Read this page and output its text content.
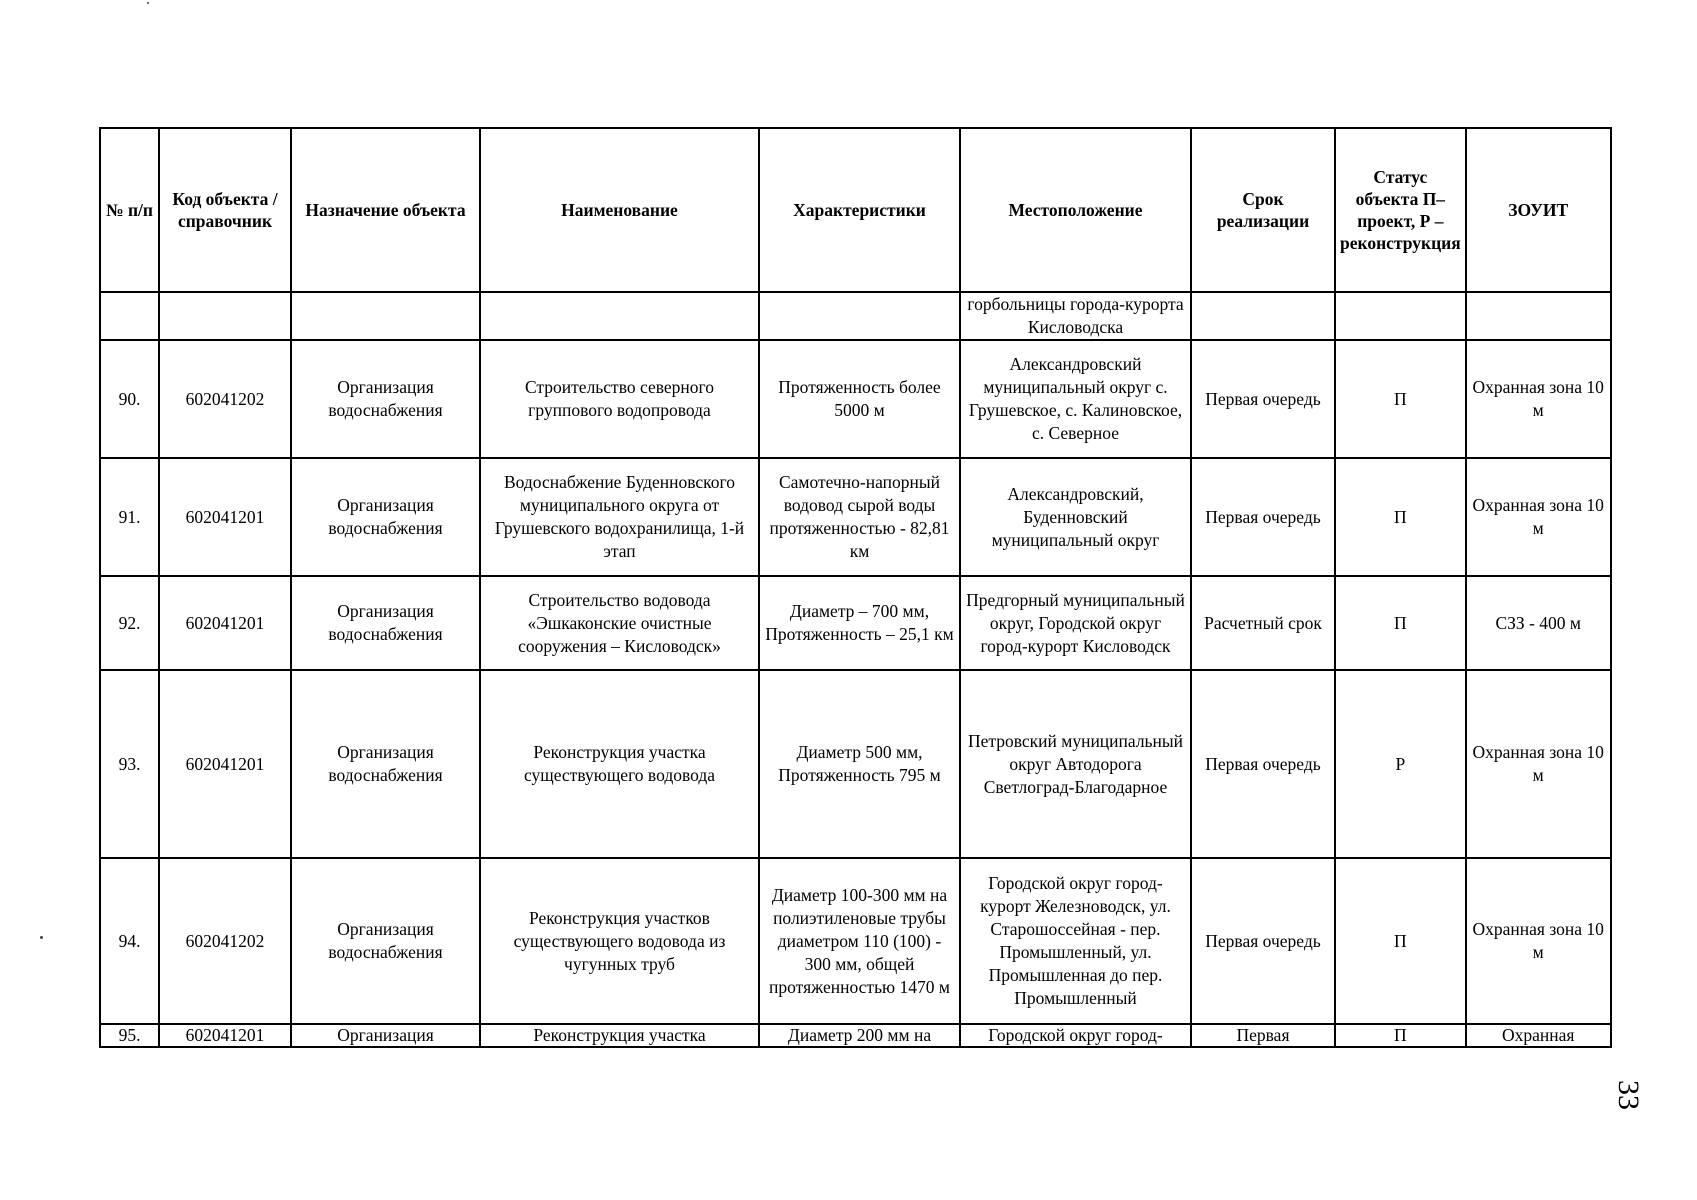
№ п/п	Код объекта / справочник	Назначение объекта	Наименование	Характеристики	Местоположение	Срок реализации	Статус объекта П–проект, Р – реконструкция	ЗОУИТ
					горбольницы города-курорта Кисловодска			
90.	602041202	Организация водоснабжения	Строительство северного группового водопровода	Протяженность более 5000 м	Александровский муниципальный округ с. Грушевское, с. Калиновское, с. Северное	Первая очередь	П	Охранная зона 10 м
91.	602041201	Организация водоснабжения	Водоснабжение Буденновского муниципального округа от Грушевского водохранилища, 1-й этап	Самотечно-напорный водовод сырой воды протяженностью - 82,81 км	Александровский, Буденновский муниципальный округ	Первая очередь	П	Охранная зона 10 м
92.	602041201	Организация водоснабжения	Строительство водовода «Эшкаконские очистные сооружения – Кисловодск»	Диаметр – 700 мм, Протяженность – 25,1 км	Предгорный муниципальный округ, Городской округ город-курорт Кисловодск	Расчетный срок	П	СЗЗ - 400 м
93.	602041201	Организация водоснабжения	Реконструкция участка существующего водовода	Диаметр 500 мм, Протяженность 795 м	Петровский муниципальный округ Автодорога Светлоград-Благодарное	Первая очередь	Р	Охранная зона 10 м
94.	602041202	Организация водоснабжения	Реконструкция участков существующего водовода из чугунных труб	Диаметр 100-300 мм на полиэтиленовые трубы диаметром 110 (100) - 300 мм, общей протяженностью 1470 м	Городской округ город-курорт Железноводск, ул. Старошоссейная - пер. Промышленный, ул. Промышленная до пер. Промышленный	Первая очередь	П	Охранная зона 10 м
95.	602041201	Организация	Реконструкция участка	Диаметр 200 мм на	Городской округ город-	Первая	П	Охранная
33
